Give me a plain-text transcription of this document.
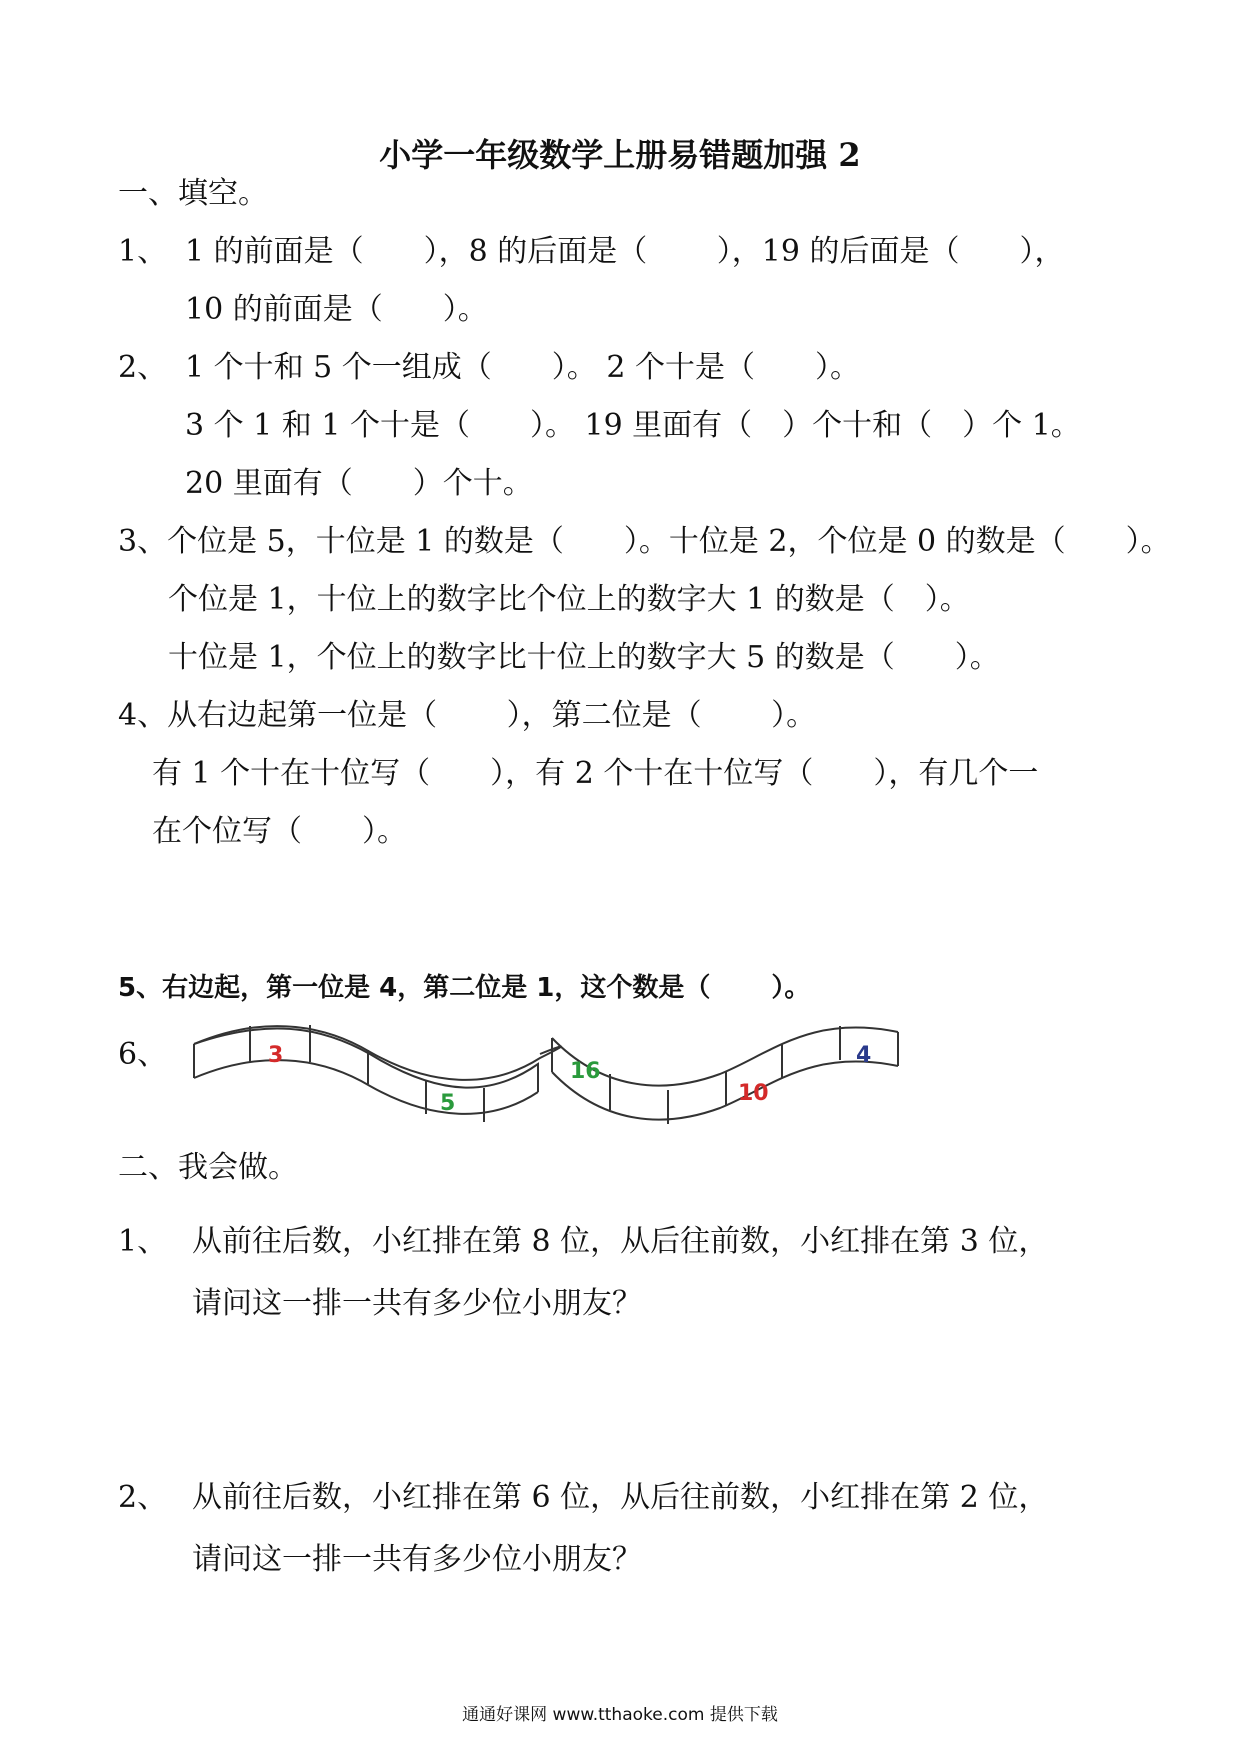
小学一年级数学上册易错题加强 2
一、填空。
1、 1 的前面是（　　），8 的后面是（　　 ），19 的后面是（　　），
10 的前面是（　　）。
2、 1 个十和 5 个一组成（　　）。 2 个十是（　　）。
3 个 1 和 1 个十是（　　）。 19 里面有（　）个十和（　）个 1。
20 里面有（　　）个十。
3、个位是 5，十位是 1 的数是（　　）。十位是 2，个位是 0 的数是（　　）。
个位是 1，十位上的数字比个位上的数字大 1 的数是（　）。
十位是 1，个位上的数字比十位上的数字大 5 的数是（　　）。
4、从右边起第一位是（　　 ），第二位是（　　 ）。
有 1 个十在十位写（　　），有 2 个十在十位写（　　），有几个一
在个位写（　　）。
5、右边起，第一位是 4，第二位是 1，这个数是（　　 ）。
6、	3
5
16
10
4
二、我会做。
1、 从前往后数，小红排在第 8 位，从后往前数，小红排在第 3 位，
请问这一排一共有多少位小朋友？
2、 从前往后数，小红排在第 6 位，从后往前数，小红排在第 2 位，
请问这一排一共有多少位小朋友？
通通好课网 www.tthaoke.com 提供下载
